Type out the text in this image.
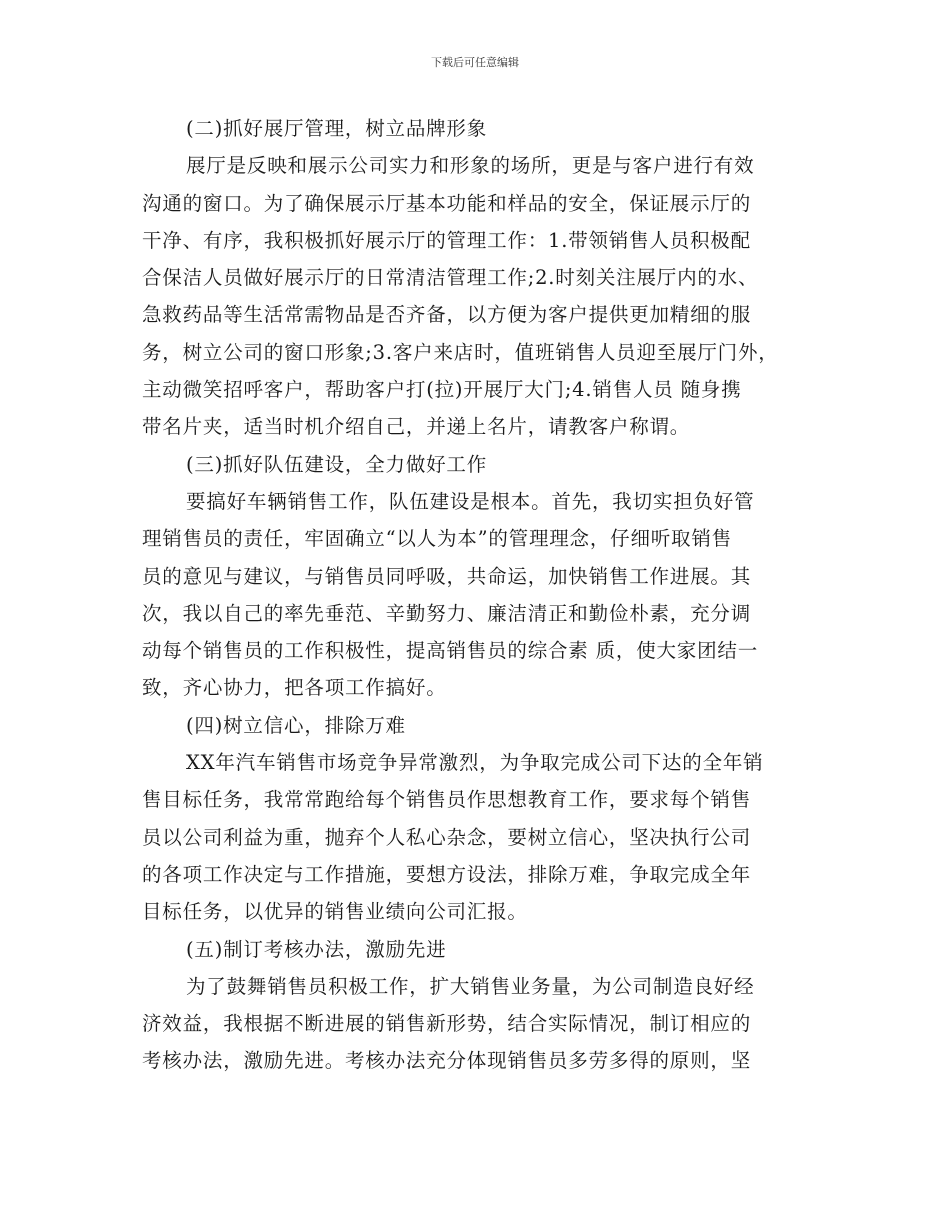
下载后可任意编辑
(二)抓好展厅管理，树立品牌形象
展厅是反映和展示公司实力和形象的场所，更是与客户进行有效
沟通的窗口。为了确保展示厅基本功能和样品的安全，保证展示厅的
干净、有序，我积极抓好展示厅的管理工作：1.带领销售人员积极配
合保洁人员做好展示厅的日常清洁管理工作;2.时刻关注展厅内的水、
急救药品等生活常需物品是否齐备，以方便为客户提供更加精细的服
务，树立公司的窗口形象;3.客户来店时，值班销售人员迎至展厅门外，
主动微笑招呼客户，帮助客户打(拉)开展厅大门;4.销售人员 随身携
带名片夹，适当时机介绍自己，并递上名片，请教客户称谓。
(三)抓好队伍建设，全力做好工作
要搞好车辆销售工作，队伍建设是根本。首先，我切实担负好管
理销售员的责任，牢固确立“以人为本”的管理理念，仔细听取销售
员的意见与建议，与销售员同呼吸，共命运，加快销售工作进展。其
次，我以自己的率先垂范、辛勤努力、廉洁清正和勤俭朴素，充分调
动每个销售员的工作积极性，提高销售员的综合素 质，使大家团结一
致，齐心协力，把各项工作搞好。
(四)树立信心，排除万难
XX年汽车销售市场竞争异常激烈，为争取完成公司下达的全年销
售目标任务，我常常跑给每个销售员作思想教育工作，要求每个销售
员以公司利益为重，抛弃个人私心杂念，要树立信心，坚决执行公司
的各项工作决定与工作措施，要想方设法，排除万难，争取完成全年
目标任务，以优异的销售业绩向公司汇报。
(五)制订考核办法，激励先进
为了鼓舞销售员积极工作，扩大销售业务量，为公司制造良好经
济效益，我根据不断进展的销售新形势，结合实际情况，制订相应的
考核办法，激励先进。考核办法充分体现销售员多劳多得的原则，坚
